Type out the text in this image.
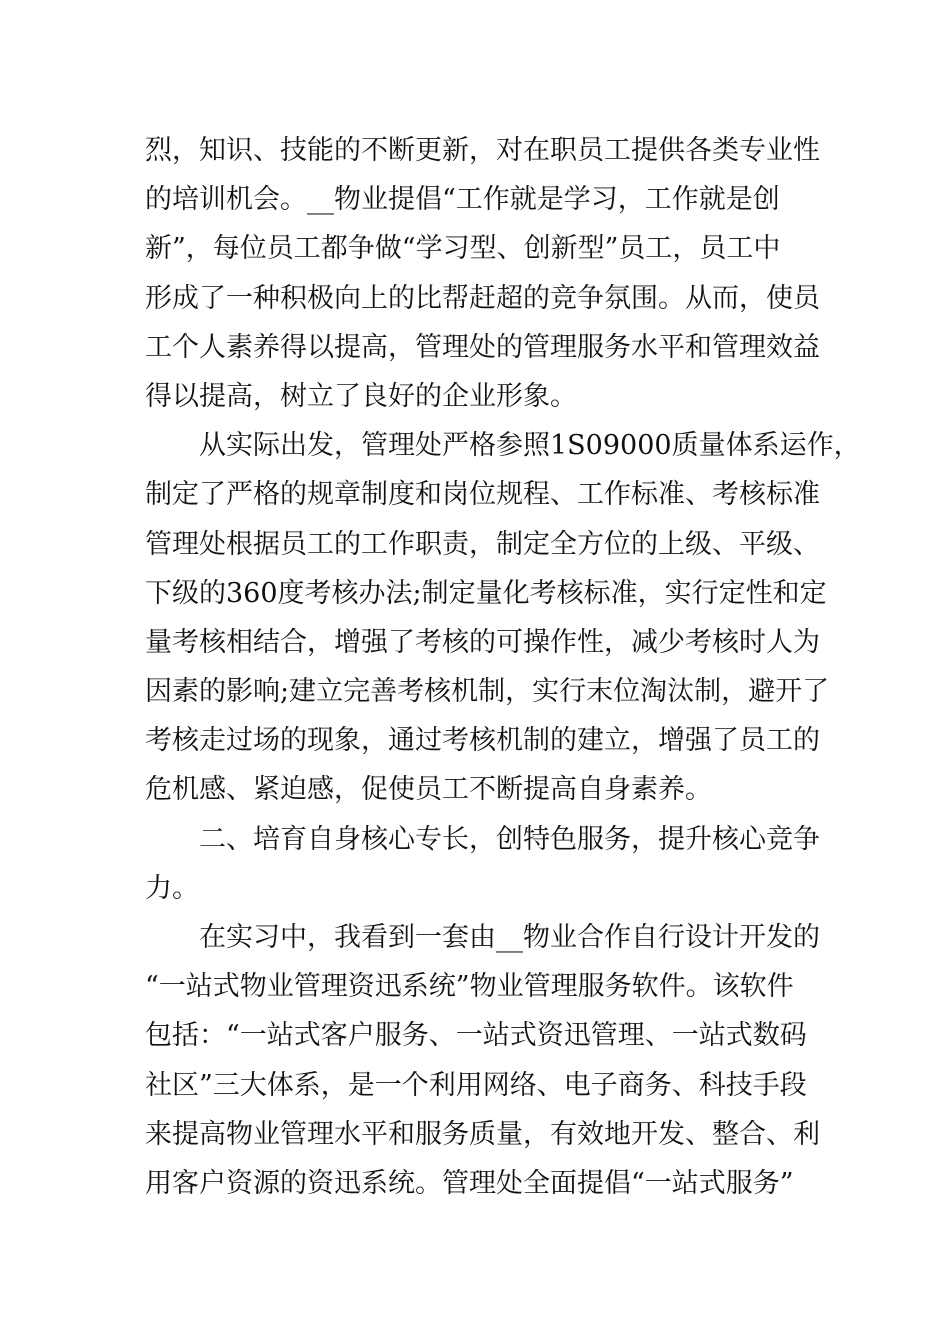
烈，知识、技能的不断更新，对在职员工提供各类专业性
的培训机会。__物业提倡“工作就是学习，工作就是创
新”，每位员工都争做“学习型、创新型”员工，员工中
形成了一种积极向上的比帮赶超的竞争氛围。从而，使员
工个人素养得以提高，管理处的管理服务水平和管理效益
得以提高，树立了良好的企业形象。
从实际出发，管理处严格参照1S09000质量体系运作，
制定了严格的规章制度和岗位规程、工作标准、考核标准
管理处根据员工的工作职责，制定全方位的上级、平级、
下级的360度考核办法;制定量化考核标准，实行定性和定
量考核相结合，增强了考核的可操作性，减少考核时人为
因素的影响;建立完善考核机制，实行末位淘汰制，避开了
考核走过场的现象，通过考核机制的建立，增强了员工的
危机感、紧迫感，促使员工不断提高自身素养。
二、培育自身核心专长，创特色服务，提升核心竞争
力。
在实习中，我看到一套由__物业合作自行设计开发的
“一站式物业管理资迅系统”物业管理服务软件。该软件
包括：“一站式客户服务、一站式资迅管理、一站式数码
社区”三大体系，是一个利用网络、电子商务、科技手段
来提高物业管理水平和服务质量，有效地开发、整合、利
用客户资源的资迅系统。管理处全面提倡“一站式服务”
